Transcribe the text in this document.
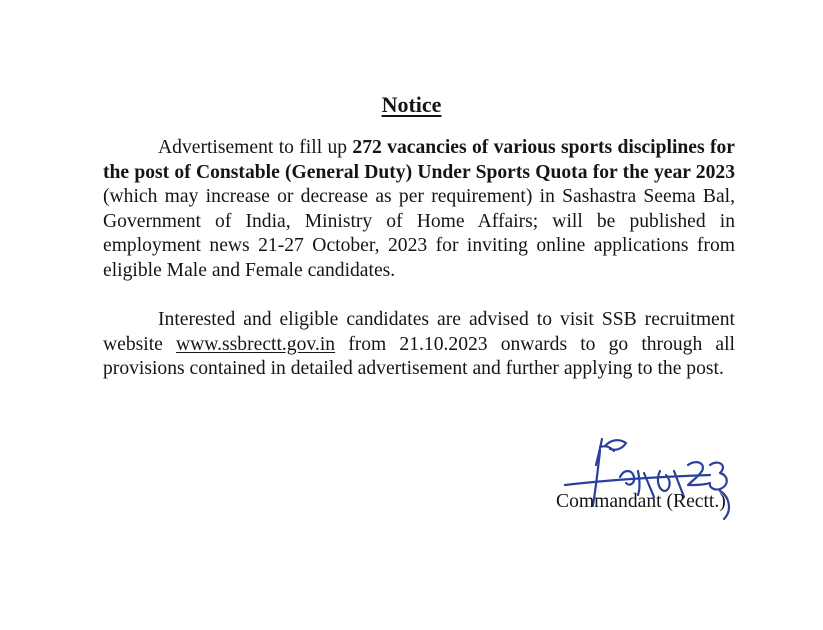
Notice

Advertisement to fill up 272 vacancies of various sports disciplines for the post of Constable (General Duty) Under Sports Quota for the year 2023 (which may increase or decrease as per requirement) in Sashastra Seema Bal, Government of India, Ministry of Home Affairs; will be published in employment news 21-27 October, 2023 for inviting online applications from eligible Male and Female candidates.

Interested and eligible candidates are advised to visit SSB recruitment website www.ssbrectt.gov.in from 21.10.2023 onwards to go through all provisions contained in detailed advertisement and further applying to the post.

Commandant (Rectt.)
